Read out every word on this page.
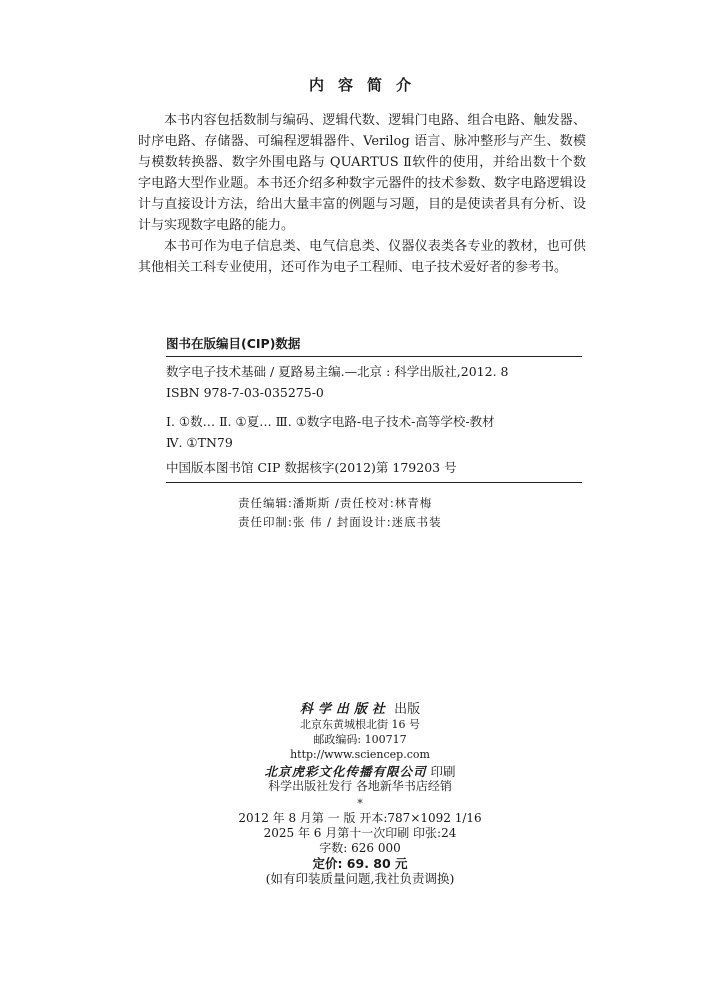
内容简介

本书内容包括数制与编码、逻辑代数、逻辑门电路、组合电路、触发器、时序电路、存储器、可编程逻辑器件、Verilog 语言、脉冲整形与产生、数模与模数转换器、数字外围电路与 QUARTUS Ⅱ软件的使用，并给出数十个数字电路大型作业题。本书还介绍多种数字元器件的技术参数、数字电路逻辑设计与直接设计方法，给出大量丰富的例题与习题，目的是使读者具有分析、设计与实现数字电路的能力。

本书可作为电子信息类、电气信息类、仪器仪表类各专业的教材，也可供其他相关工科专业使用，还可作为电子工程师、电子技术爱好者的参考书。

图书在版编目(CIP)数据
数字电子技术基础 / 夏路易主编.—北京 : 科学出版社,2012. 8
ISBN 978-7-03-035275-0
Ⅰ. ①数… Ⅱ. ①夏… Ⅲ. ①数字电路-电子技术-高等学校-教材
Ⅳ. ①TN79
中国版本图书馆 CIP 数据核字(2012)第 179203 号
责任编辑:潘斯斯 /责任校对:林青梅
责任印制:张 伟 / 封面设计:迷底书装
科学出版社 出版
北京东黄城根北街 16 号
邮政编码: 100717
http://www.sciencep.com
北京虎彩文化传播有限公司 印刷
科学出版社发行 各地新华书店经销
*
2012 年 8 月第 一 版 开本:787×1092 1/16
2025 年 6 月第十一次印刷 印张:24
字数: 626 000
定价: 69. 80 元
(如有印装质量问题,我社负责调换)
